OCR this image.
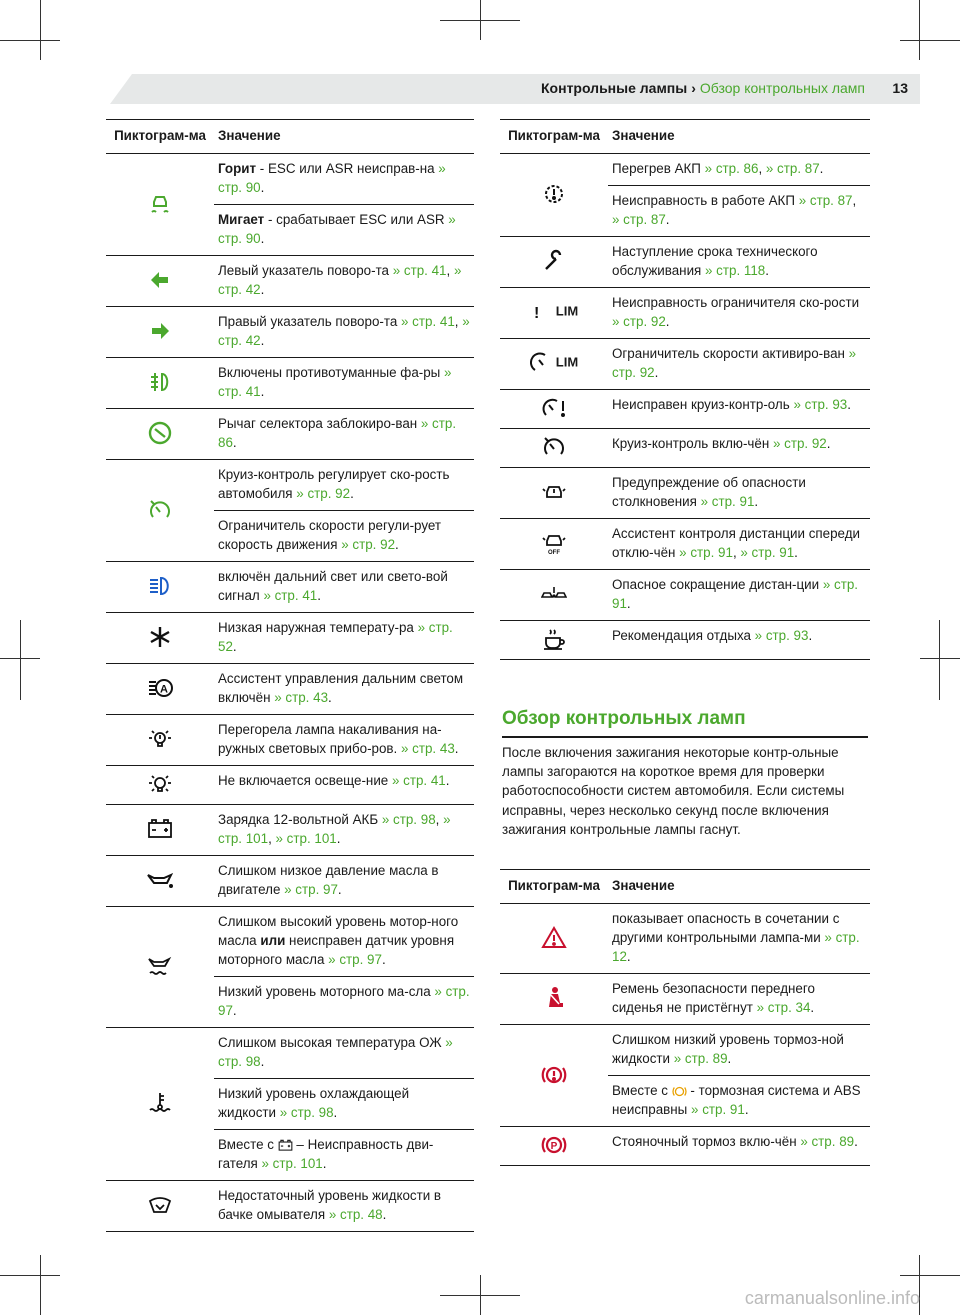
Контрольные лампы › Обзор контрольных ламп 13
Пиктограм-ма	Значение
	Горит - ESC или ASR неисправ-на » стр. 90.
	Мигает - срабатывает ESC или ASR » стр. 90.
	Левый указатель поворо-та » стр. 41, » стр. 42.
	Правый указатель поворо-та » стр. 41, » стр. 42.
	Включены противотуманные фа-ры » стр. 41.
	Рычаг селектора заблокиро-ван » стр. 86.
	Круиз-контроль регулирует ско-рость автомобиля » стр. 92.
	Ограничитель скорости регули-рует скорость движения » стр. 92.
	включён дальний свет или свето-вой сигнал » стр. 41.
	Низкая наружная температу-ра » стр. 52.

A	Ассистент управления дальним светом включён » стр. 43.
	Перегорела лампа накаливания на-ружных световых прибо-ров. » стр. 43.
	Не включается освеще-ние » стр. 41.
	Зарядка 12-вольтной АКБ » стр. 98, » стр. 101, » стр. 101.
	Слишком низкое давление масла в двигателе » стр. 97.
	Слишком высокий уровень мотор-ного масла или неисправен датчик уровня моторного масла » стр. 97.
	Низкий уровень моторного ма-сла » стр. 97.
	Слишком высокая температура ОЖ » стр. 98.
	Низкий уровень охлаждающей жидкости » стр. 98.
	Вместе с  – Неисправность дви-гателя » стр. 101.
	Недостаточный уровень жидкости в бачке омывателя » стр. 48.
Пиктограм-ма	Значение
	Перегрев АКП » стр. 86, » стр. 87.
	Неисправность в работе АКП » стр. 87, » стр. 87.
	Наступление срока технического обслуживания » стр. 118.

! LIM	Неисправность ограничителя ско-рости » стр. 92.
LIM	Ограничитель скорости активиро-ван » стр. 92.
	Неисправен круиз-контр-оль » стр. 93.
	Круиз-контроль вклю-чён » стр. 92.
	Предупреждение об опасности столкновения » стр. 91.

OFF	Ассистент контроля дистанции спереди отклю-чён » стр. 91, » стр. 91.
	Опасное сокращение дистан-ции » стр. 91.
	Рекомендация отдыха » стр. 93.
Обзор контрольных ламп
После включения зажигания некоторые контр-ольные лампы загораются на короткое время для проверки работоспособности систем автомобиля. Если системы исправны, через несколько секунд после включения зажигания контрольные лампы гаснут.
Пиктограм-ма	Значение
	показывает опасность в сочетании с другими контрольными лампа-ми » стр. 12.
	Ремень безопасности переднего сиденья не пристёгнут » стр. 34.
	Слишком низкий уровень тормоз-ной жидкости » стр. 89.
	Вместе с  - тормозная система и ABS неисправны » стр. 91.

P	Стояночный тормоз вклю-чён » стр. 89.
carmanualsonline.info
